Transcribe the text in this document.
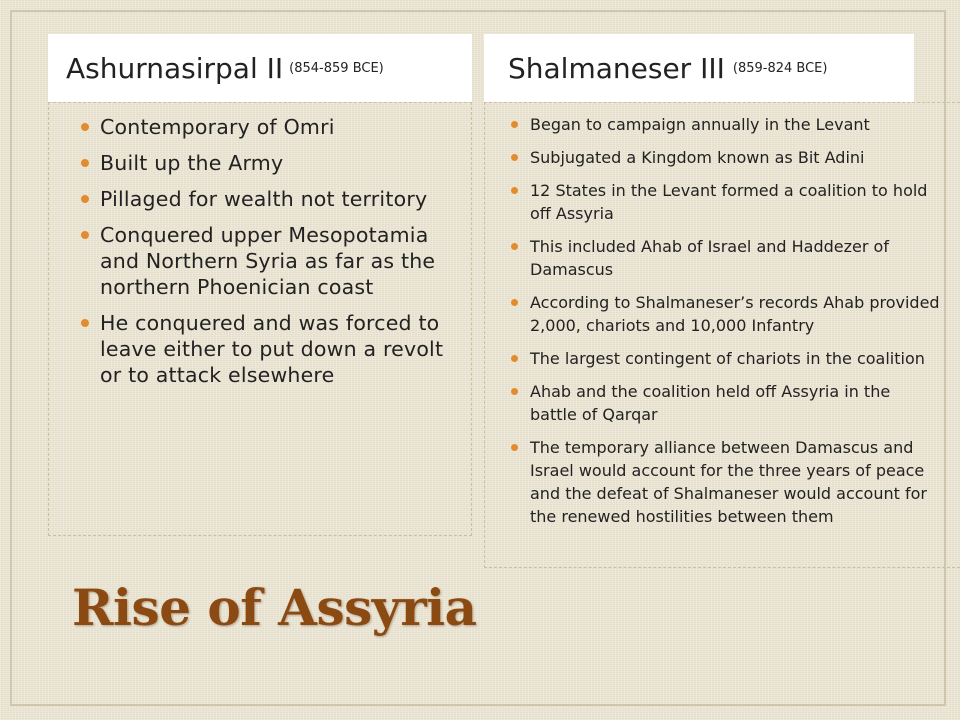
Ashurnasirpal II (854-859 BCE)	Shalmaneser III (859-824 BCE)
Contemporary of Omri
Built up the Army
Pillaged for wealth not territory
Conquered upper Mesopotamia and Northern Syria as far as the northern Phoenician coast
He conquered and was forced to leave either to put down a revolt or to attack elsewhere
Began to campaign annually in the Levant
Subjugated a Kingdom known as Bit Adini
12 States in the Levant formed a coalition to hold off Assyria
This included Ahab of Israel and Haddezer of Damascus
According to Shalmaneser’s records Ahab provided 2,000, chariots and 10,000 Infantry
The largest contingent of chariots in the coalition
Ahab and the coalition held off Assyria in the battle of Qarqar
The temporary alliance between Damascus and Israel would account for the three years of peace and the defeat of Shalmaneser would account for the renewed hostilities between them
Rise of Assyria
